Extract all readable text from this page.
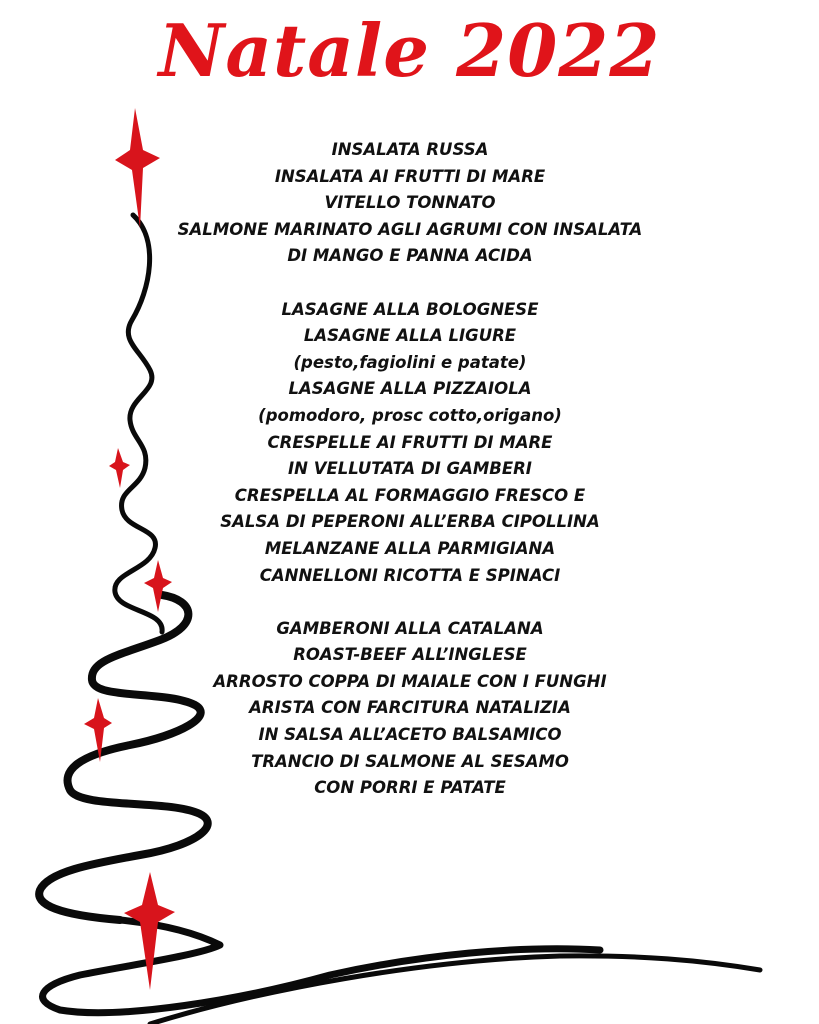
Natale 2022
INSALATA RUSSA
INSALATA AI FRUTTI DI MARE
VITELLO TONNATO
SALMONE MARINATO AGLI AGRUMI CON INSALATA
DI MANGO E PANNA ACIDA
LASAGNE ALLA BOLOGNESE
LASAGNE ALLA LIGURE
(pesto,fagiolini e patate)
LASAGNE ALLA PIZZAIOLA
(pomodoro, prosc cotto,origano)
CRESPELLE AI FRUTTI DI MARE
IN VELLUTATA DI GAMBERI
CRESPELLA AL FORMAGGIO FRESCO E
SALSA DI PEPERONI ALL’ERBA CIPOLLINA
MELANZANE ALLA PARMIGIANA
CANNELLONI RICOTTA E SPINACI
GAMBERONI ALLA CATALANA
ROAST-BEEF ALL’INGLESE
ARROSTO COPPA DI MAIALE CON I FUNGHI
ARISTA CON FARCITURA NATALIZIA
IN SALSA ALL’ACETO BALSAMICO
TRANCIO DI SALMONE AL SESAMO
CON PORRI E PATATE
